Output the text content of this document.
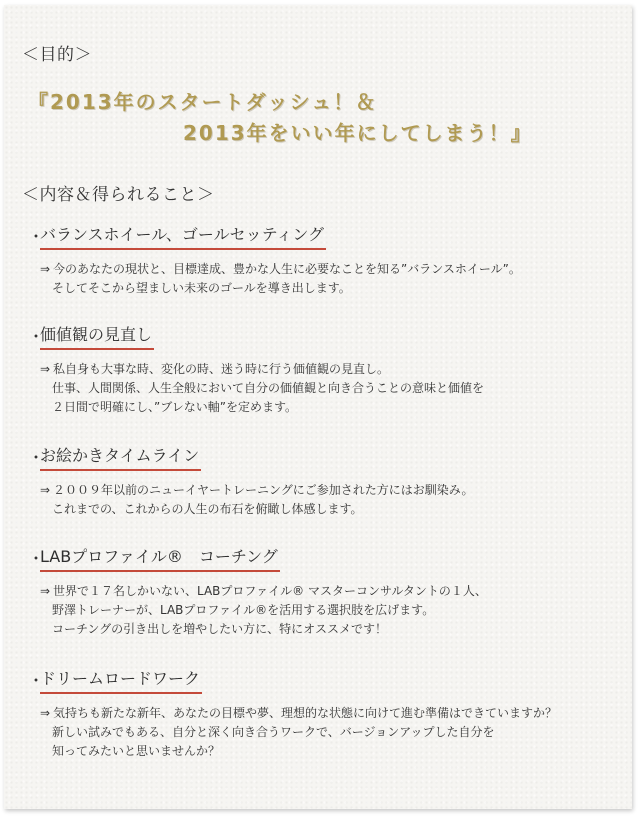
＜目的＞
『2013年のスタートダッシュ！＆
2013年をいい年にしてしまう！』
＜内容＆得られること＞
・
バランスホイール、ゴールセッティング
⇒ 今のあなたの現状と、目標達成、豊かな人生に必要なことを知る”バランスホイール”。
そしてそこから望ましい未来のゴールを導き出します。
・
価値観の見直し
⇒ 私自身も大事な時、変化の時、迷う時に行う価値観の見直し。
仕事、人間関係、人生全般において自分の価値観と向き合うことの意味と価値を
２日間で明確にし、”ブレない軸”を定めます。
・
お絵かきタイムライン
⇒ ２００９年以前のニューイヤートレーニングにご参加された方にはお馴染み。
これまでの、これからの人生の布石を俯瞰し体感します。
・
LABプロファイル®　コーチング
⇒ 世界で１７名しかいない、LABプロファイル® マスターコンサルタントの１人、
野澤トレーナーが、LABプロファイル®を活用する選択肢を広げます。
コーチングの引き出しを増やしたい方に、特にオススメです！
・
ドリームロードワーク
⇒ 気持ちも新たな新年、あなたの目標や夢、理想的な状態に向けて進む準備はできていますか？
新しい試みでもある、自分と深く向き合うワークで、バージョンアップした自分を
知ってみたいと思いませんか？
